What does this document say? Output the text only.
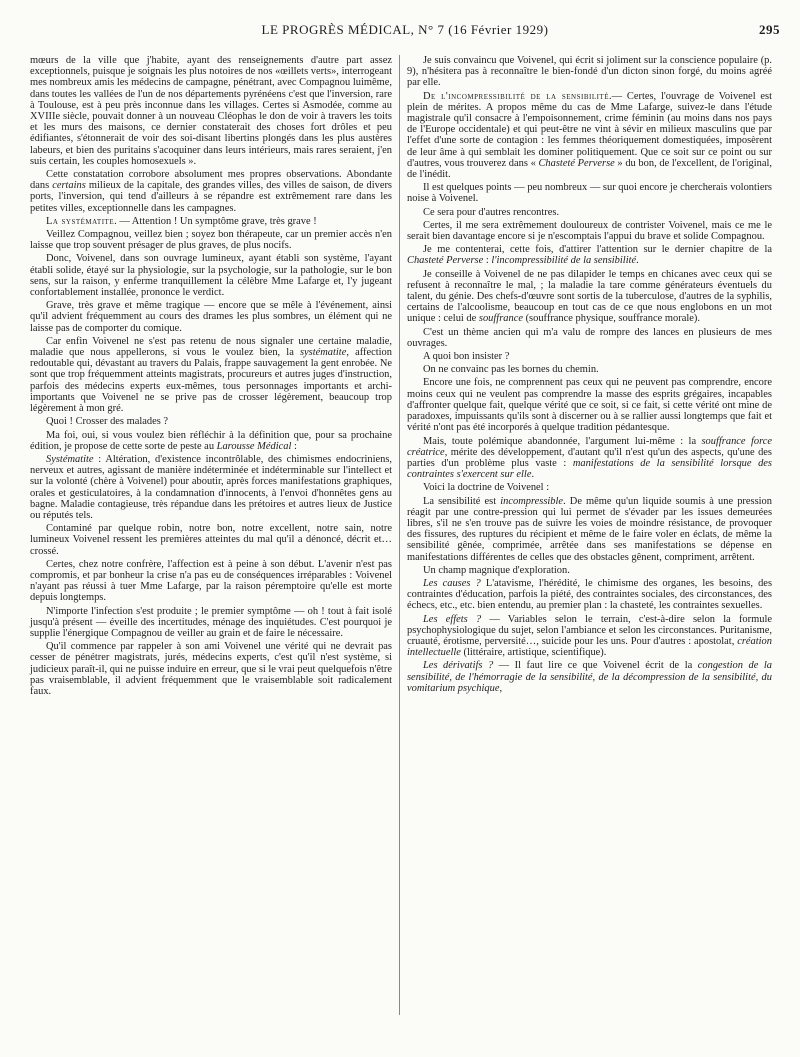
LE PROGRÈS MÉDICAL, N° 7 (16 Février 1929)	295

mœurs de la ville que j'habite, ayant des renseignements d'autre part assez exceptionnels, puisque je soignais les plus notoires de nos «œillets verts», interrogeant mes nombreux amis les médecins de campagne, pénétrant, avec Compagnou luimême, dans toutes les vallées de l'un de nos départements pyrénéens c'est que l'inversion, rare à Toulouse, est à peu près inconnue dans les villages. Certes si Asmodée, comme au XVIIIe siècle, pouvait donner à un nouveau Cléophas le don de voir à travers les toits et les murs des maisons, ce dernier constaterait des choses fort drôles et peu édifiantes, s'étonnerait de voir des soi-disant libertins plongés dans les plus austères labeurs, et bien des puritains s'acoquiner dans leurs intérieurs, mais rares seraient, j'en suis certain, les couples homosexuels ».

Cette constatation corrobore absolument mes propres observations. Abondante dans certains milieux de la capitale, des grandes villes, des villes de saison, de divers ports, l'inversion, qui tend d'ailleurs à se répandre est extrêmement rare dans les petites villes, exceptionnelle dans les campagnes.

La systématite. — Attention ! Un symptôme grave, très grave !

Veillez Compagnou, veillez bien ; soyez bon thérapeute, car un premier accès n'en laisse que trop souvent présager de plus graves, de plus nocifs.

Donc, Voivenel, dans son ouvrage lumineux, ayant établi son système, l'ayant établi solide, étayé sur la physiologie, sur la psychologie, sur la pathologie, sur le bon sens, sur la raison, y enferme tranquillement la célèbre Mme Lafarge et, l'y jugeant confortablement installée, prononce le verdict.

Grave, très grave et même tragique — encore que se mêle à l'événement, ainsi qu'il advient fréquemment au cours des drames les plus sombres, un élément qui ne laisse pas de comporter du comique.

Car enfin Voivenel ne s'est pas retenu de nous signaler une certaine maladie, maladie que nous appellerons, si vous le voulez bien, la systématite, affection redoutable qui, dévastant au travers du Palais, frappe sauvagement la gent enrobée. Ne sont que trop fréquemment atteints magistrats, procureurs et autres juges d'instruction, parfois des médecins experts eux-mêmes, tous personnages importants et archi-importants que Voivenel ne se prive pas de crosser légèrement, beaucoup trop légèrement à mon gré.

Quoi ! Crosser des malades ?

Ma foi, oui, si vous voulez bien réfléchir à la définition que, pour sa prochaine édition, je propose de cette sorte de peste au Larousse Médical :

Systématite : Altération, d'existence incontrôlable, des chimismes endocriniens, nerveux et autres, agissant de manière indéterminée et indéterminable sur l'intellect et sur la volonté (chère à Voivenel) pour aboutir, après forces manifestations graphiques, orales et gesticulatoires, à la condamnation d'innocents, à l'envoi d'honnêtes gens au bagne. Maladie contagieuse, très répandue dans les prétoires et autres lieux de Justice ou réputés tels.

Contaminé par quelque robin, notre bon, notre excellent, notre sain, notre lumineux Voivenel ressent les premières atteintes du mal qu'il a dénoncé, décrit et… crossé.

Certes, chez notre confrère, l'affection est à peine à son début. L'avenir n'est pas compromis, et par bonheur la crise n'a pas eu de conséquences irréparables : Voivenel n'ayant pas réussi à tuer Mme Lafarge, par la raison péremptoire qu'elle est morte depuis longtemps.

N'importe l'infection s'est produite ; le premier symptôme — oh ! tout à fait isolé jusqu'à présent — éveille des incertitudes, ménage des inquiétudes. C'est pourquoi je supplie l'énergique Compagnou de veiller au grain et de faire le nécessaire.

Qu'il commence par rappeler à son ami Voivenel une vérité qui ne devrait pas cesser de pénétrer magistrats, jurés, médecins experts, c'est qu'il n'est système, si judicieux paraît-il, qui ne puisse induire en erreur, que si le vrai peut quelquefois n'être pas vraisemblable, il advient fréquemment que le vraisemblable soit radicalement faux.

Je suis convaincu que Voivenel, qui écrit si joliment sur la conscience populaire (p. 9), n'hésitera pas à reconnaître le bien-fondé d'un dicton sinon forgé, du moins agréé par elle.

De l'incompressibilité de la sensibilité.— Certes, l'ouvrage de Voivenel est plein de mérites. A propos même du cas de Mme Lafarge, suivez-le dans l'étude magistrale qu'il consacre à l'empoisonnement, crime féminin (au moins dans nos pays de l'Europe occidentale) et qui peut-être ne vint à sévir en milieux masculins que par l'effet d'une sorte de contagion : les femmes théoriquement domestiquées, imposèrent de leur âme à qui semblait les dominer politiquement. Que ce soit sur ce point ou sur d'autres, vous trouverez dans « Chasteté Perverse » du bon, de l'excellent, de l'original, de l'inédit.

Il est quelques points — peu nombreux — sur quoi encore je chercherais volontiers noise à Voivenel.

Ce sera pour d'autres rencontres.

Certes, il me sera extrêmement douloureux de contrister Voivenel, mais ce me le serait bien davantage encore si je n'escomptais l'appui du brave et solide Compagnou.

Je me contenterai, cette fois, d'attirer l'attention sur le dernier chapitre de la Chasteté Perverse : l'incompressibilité de la sensibilité.

Je conseille à Voivenel de ne pas dilapider le temps en chicanes avec ceux qui se refusent à reconnaître le mal, ; la maladie la tare comme générateurs éventuels du talent, du génie. Des chefs-d'œuvre sont sortis de la tuberculose, d'autres de la syphilis, certains de l'alcoolisme, beaucoup en tout cas de ce que nous englobons en un mot unique : celui de souffrance (souffrance physique, souffrance morale).

C'est un thème ancien qui m'a valu de rompre des lances en plusieurs de mes ouvrages.

A quoi bon insister ?

On ne convainc pas les bornes du chemin.

Encore une fois, ne comprennent pas ceux qui ne peuvent pas comprendre, encore moins ceux qui ne veulent pas comprendre la masse des esprits grégaires, incapables d'affronter quelque fait, quelque vérité que ce soit, si ce fait, si cette vérité ont mine de paradoxes, impuissants qu'ils sont à discerner ou à se rallier aussi longtemps que fait et vérité n'ont pas été incorporés à quelque tradition pédantesque.

Mais, toute polémique abandonnée, l'argument lui-même : la souffrance force créatrice, mérite des développement, d'autant qu'il n'est qu'un des aspects, qu'une des parties d'un problème plus vaste : manifestations de la sensibilité lorsque des contraintes s'exercent sur elle.

Voici la doctrine de Voivenel :

La sensibilité est incompressible. De même qu'un liquide soumis à une pression réagit par une contre-pression qui lui permet de s'évader par les issues demeurées libres, s'il ne s'en trouve pas de suivre les voies de moindre résistance, de provoquer des fissures, des ruptures du récipient et même de le faire voler en éclats, de même la sensibilité gênée, comprimée, arrêtée dans ses manifestations se dépense en manifestations différentes de celles que des obstacles gênent, compriment, arrêtent.

Un champ magnique d'exploration.

Les causes ? L'atavisme, l'hérédité, le chimisme des organes, les besoins, des contraintes d'éducation, parfois la piété, des contraintes sociales, des circonstances, des échecs, etc., etc. bien entendu, au premier plan : la chasteté, les contraintes sexuelles.

Les effets ? — Variables selon le terrain, c'est-à-dire selon la formule psychophysiologique du sujet, selon l'ambiance et selon les circonstances. Puritanisme, cruauté, érotisme, perversité…, suicide pour les uns. Pour d'autres : apostolat, création intellectuelle (littéraire, artistique, scientifique).

Les dérivatifs ? — Il faut lire ce que Voivenel écrit de la congestion de la sensibilité, de l'hémorragie de la sensibilité, de la décompression de la sensibilité, du vomitarium psychique,
